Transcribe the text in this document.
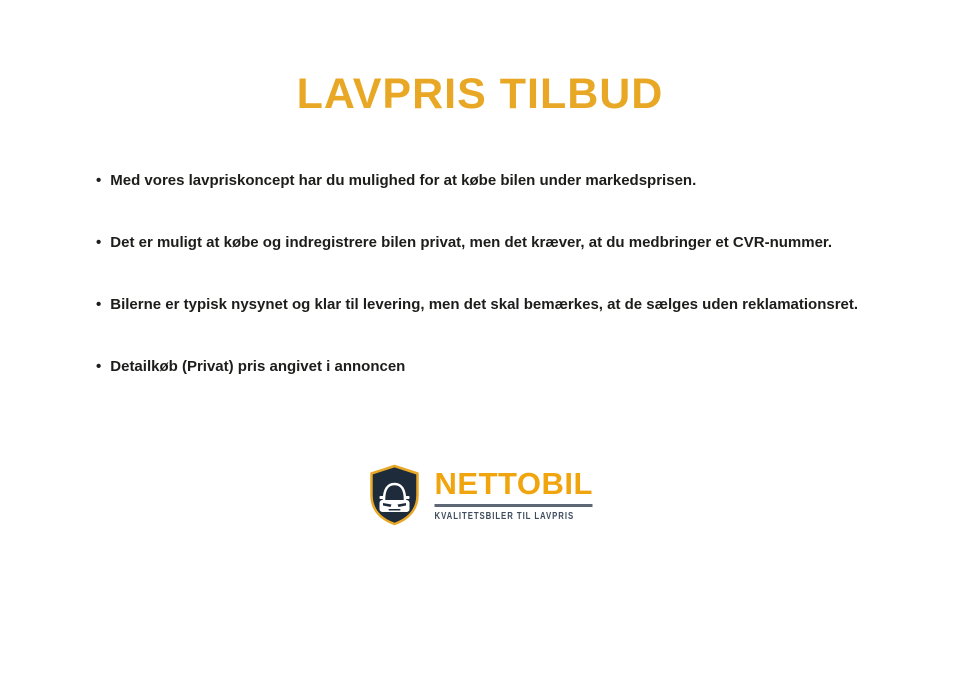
LAVPRIS TILBUD
• Med vores lavpriskoncept har du mulighed for at købe bilen under markedsprisen.
• Det er muligt at købe og indregistrere bilen privat, men det kræver, at du medbringer et CVR-nummer.
• Bilerne er typisk nysynet og klar til levering, men det skal bemærkes, at de sælges uden reklamationsret.
• Detailkøb (Privat) pris angivet i annoncen
NETTOBIL
KVALITETSBILER TIL LAVPRIS
